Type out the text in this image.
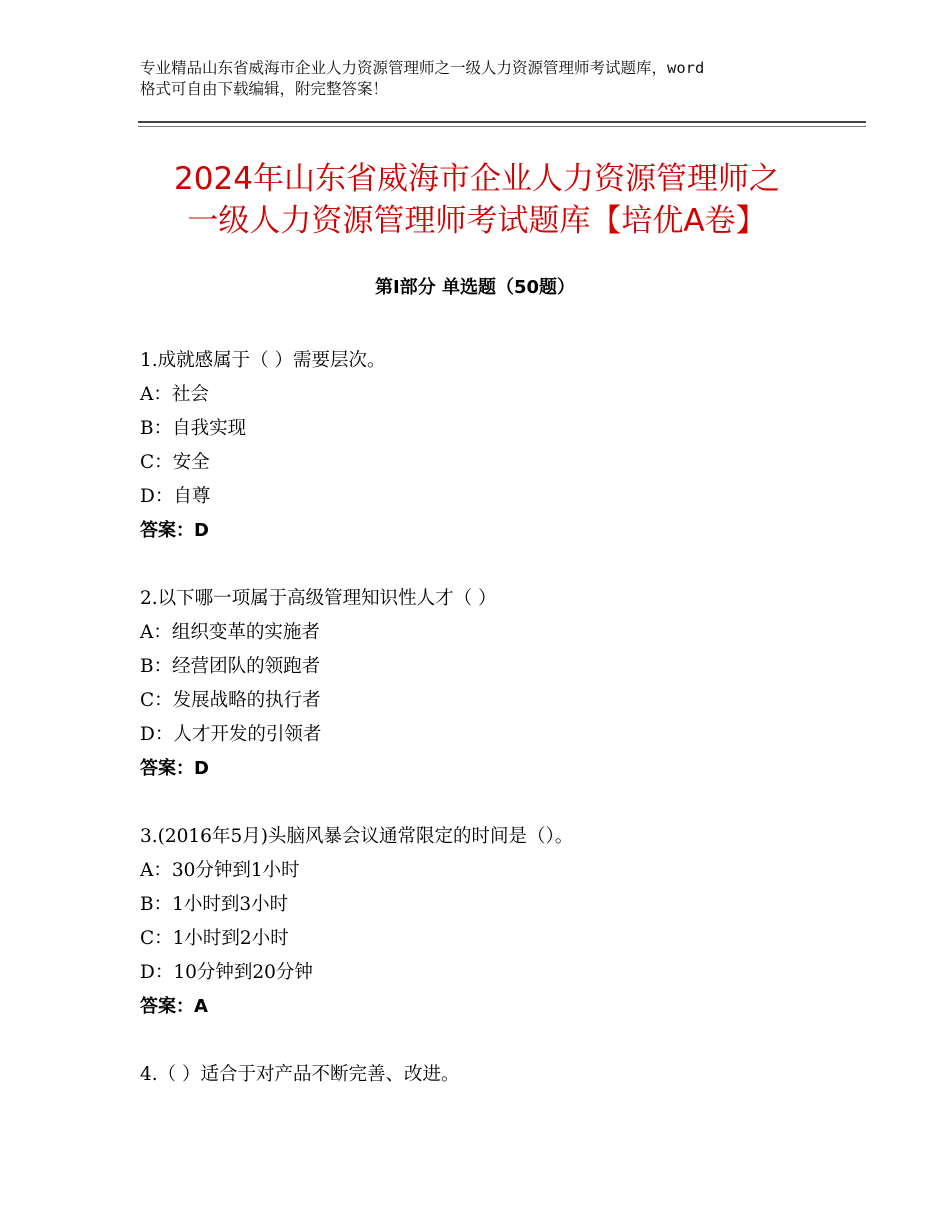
专业精品山东省威海市企业人力资源管理师之一级人力资源管理师考试题库，word
格式可自由下载编辑，附完整答案！
2024年山东省威海市企业人力资源管理师之
一级人力资源管理师考试题库【培优A卷】
第Ⅰ部分 单选题（50题）
1.成就感属于（ ）需要层次。
A：社会
B：自我实现
C：安全
D：自尊
答案：D
2.以下哪一项属于高级管理知识性人才（ ）
A：组织变革的实施者
B：经营团队的领跑者
C：发展战略的执行者
D：人才开发的引领者
答案：D
3.(2016年5月)头脑风暴会议通常限定的时间是（）。
A：30分钟到1小时
B：1小时到3小时
C：1小时到2小时
D：10分钟到20分钟
答案：A
4.（ ）适合于对产品不断完善、改进。
